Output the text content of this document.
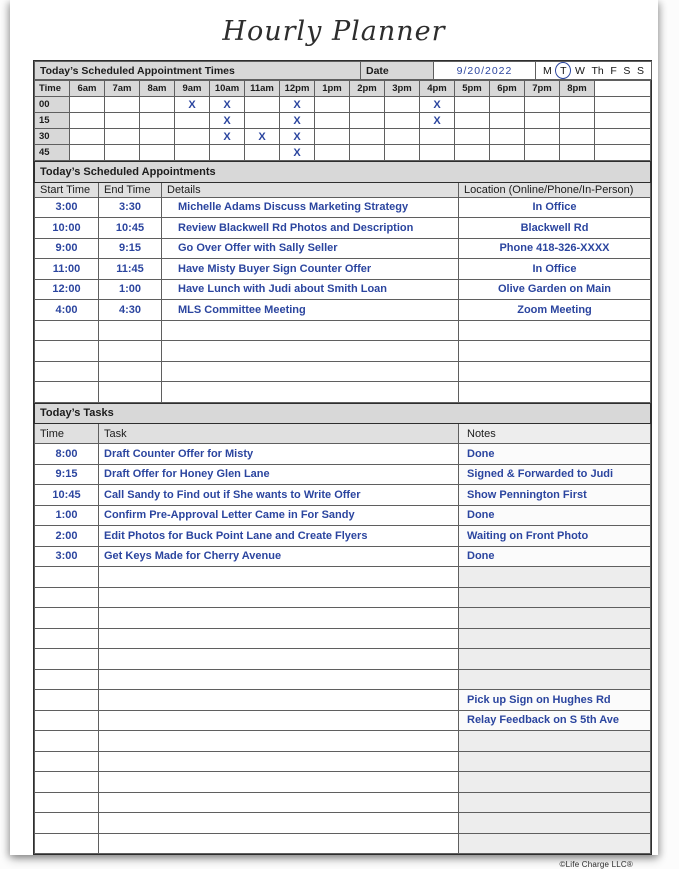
Hourly Planner
Today’s Scheduled Appointment Times	Date	9/20/2022	M T W Th F S S
Time	6am	7am	8am	9am	10am	11am	12pm	1pm	2pm	3pm	4pm	5pm	6pm	7pm	8pm	
00				X	X		X				X					
15					X		X				X					
30					X	X	X									
45							X									
Today’s Scheduled Appointments			
Start Time	End Time	Details	Location (Online/Phone/In-Person)
3:00	3:30	Michelle Adams Discuss Marketing Strategy	In Office
10:00	10:45	Review Blackwell Rd Photos and Description	Blackwell Rd
9:00	9:15	Go Over Offer with Sally Seller	Phone 418-326-XXXX
11:00	11:45	Have Misty Buyer Sign Counter Offer	In Office
12:00	1:00	Have Lunch with Judi about Smith Loan	Olive Garden on Main
4:00	4:30	MLS Committee Meeting	Zoom Meeting

Today’s Tasks		
Time	Task	Notes
8:00	Draft Counter Offer for Misty	Done
9:15	Draft Offer for Honey Glen Lane	Signed & Forwarded to Judi
10:45	Call Sandy to Find out if She wants to Write Offer	Show Pennington First
1:00	Confirm Pre-Approval Letter Came in For Sandy	Done
2:00	Edit Photos for Buck Point Lane and Create Flyers	Waiting on Front Photo
3:00	Get Keys Made for Cherry Avenue	Done

		Pick up Sign on Hughes Rd
		Relay Feedback on S 5th Ave

©Life Charge LLC®
